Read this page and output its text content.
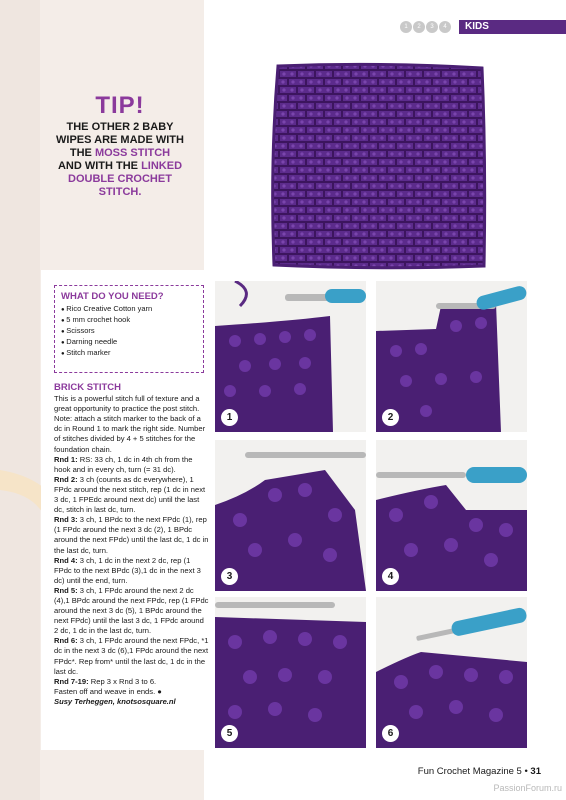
1	2	3	4	KIDS
TIP!
THE OTHER 2 BABY
WIPES ARE MADE WITH
THE MOSS STITCH
AND WITH THE LINKED
DOUBLE CROCHET
STITCH.
WHAT DO YOU NEED?
● Rico Creative Cotton yarn
● 5 mm crochet hook
● Scissors
● Darning needle
● Stitch marker
BRICK STITCH

This is a powerful stitch full of texture and a great opportunity to practice the post stitch. Note: attach a stitch marker to the back of a dc in Round 1 to mark the right side. Number of stitches divided by 4 + 5 stitches for the foundation chain.

Rnd 1: RS: 33 ch, 1 dc in 4th ch from the hook and in every ch, turn (= 31 dc).

Rnd 2: 3 ch (counts as dc everywhere), 1 FPdc around the next stitch, rep (1 dc in next 3 dc, 1 FPEdc around next dc) until the last dc, stitch in last dc, turn.

Rnd 3: 3 ch, 1 BPdc to the next FPdc (1), rep (1 FPdc around the next 3 dc (2), 1 BPdc around the next FPdc) until the last dc, 1 dc in the last dc, turn.

Rnd 4: 3 ch, 1 dc in the next 2 dc, rep (1 FPdc to the next BPdc (3),1 dc in the next 3 dc) until the end, turn.

Rnd 5: 3 ch, 1 FPdc around the next 2 dc (4),1 BPdc around the next FPdc, rep (1 FPdc around the next 3 dc (5), 1 BPdc around the next FPdc) until the last 3 dc, 1 FPdc around 2 dc, 1 dc in the last dc, turn.

Rnd 6: 3 ch, 1 FPdc around the next FPdc, *1 dc in the next 3 dc (6),1 FPdc around the next FPdc*. Rep from* until the last dc, 1 dc in the last dc.

Rnd 7-19: Rep 3 x Rnd 3 to 6.

Fasten off and weave in ends. ●

Susy Terheggen, knotsosquare.nl

1	2
3	4
5	6
Fun Crochet Magazine 5 • 31
PassionForum.ru
